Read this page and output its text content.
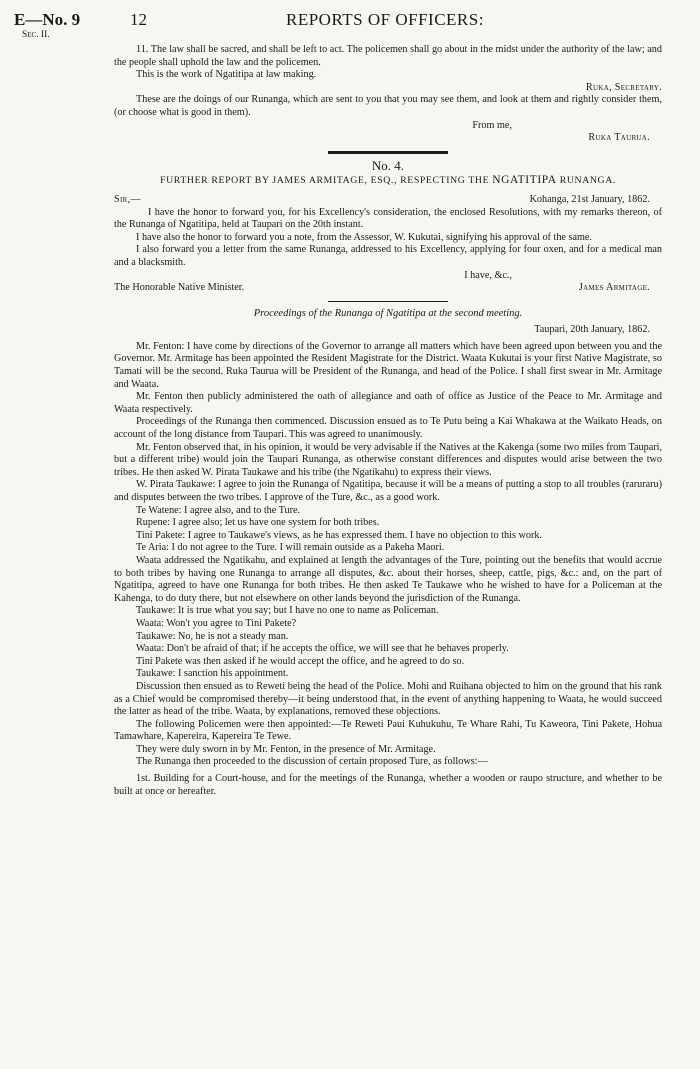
E—No. 9
Sec. II.
12	REPORTS OF OFFICERS:

11. The law shall be sacred, and shall be left to act. The policemen shall go about in the midst under the authority of the law; and the people shall uphold the law and the policemen.

This is the work of Ngatitipa at law making.

Ruka, Secretary.

These are the doings of our Runanga, which are sent to you that you may see them, and look at them and rightly consider them, (or choose what is good in them).

From me,
Ruka Taurua.
No. 4.
FURTHER REPORT BY JAMES ARMITAGE, ESQ., RESPECTING THE NGATITIPA RUNANGA.
Sir,—	Kohanga, 21st January, 1862.

I have the honor to forward you, for his Excellency's consideration, the enclosed Resolutions, with my remarks thereon, of the Runanga of Ngatitipa, held at Taupari on the 20th instant.

I have also the honor to forward you a note, from the Assessor, W. Kukutai, signifying his approval of the same.

I also forward you a letter from the same Runanga, addressed to his Excellency, applying for four oxen, and for a medical man and a blacksmith.

I have, &c.,
The Honorable Native Minister.	James Armitage.
Proceedings of the Runanga of Ngatitipa at the second meeting.
Taupari, 20th January, 1862.

Mr. Fenton: I have come by directions of the Governor to arrange all matters which have been agreed upon between you and the Governor. Mr. Armitage has been appointed the Resident Magistrate for the District. Waata Kukutai is your first Native Magistrate, so Tamati will be the second. Ruka Taurua will be President of the Runanga, and head of the Police. I shall first swear in Mr. Armitage and Waata.

Mr. Fenton then publicly administered the oath of allegiance and oath of office as Justice of the Peace to Mr. Armitage and Waata respectively.

Proceedings of the Runanga then commenced. Discussion ensued as to Te Putu being a Kai Whakawa at the Waikato Heads, on account of the long distance from Taupari. This was agreed to unanimously.

Mr. Fenton observed that, in his opinion, it would be very advisable if the Natives at the Kakenga (some two miles from Taupari, but a different tribe) would join the Taupari Runanga, as otherwise constant differences and disputes would arise between the two tribes. He then asked W. Pirata Taukawe and his tribe (the Ngatikahu) to express their views.

W. Pirata Taukawe: I agree to join the Runanga of Ngatitipa, because it will be a means of putting a stop to all troubles (raruraru) and disputes between the two tribes. I approve of the Ture, &c., as a good work.

Te Watene: I agree also, and to the Ture.

Rupene: I agree also; let us have one system for both tribes.

Tini Pakete: I agree to Taukawe's views, as he has expressed them. I have no objection to this work.

Te Aria: I do not agree to the Ture. I will remain outside as a Pakeha Maori.

Waata addressed the Ngatikahu, and explained at length the advantages of the Ture, pointing out the benefits that would accrue to both tribes by having one Runanga to arrange all disputes, &c. about their horses, sheep, cattle, pigs, &c.: and, on the part of Ngatitipa, agreed to have one Runanga for both tribes. He then asked Te Taukawe who he wished to have for a Policeman at the Kahenga, to do duty there, but not elsewhere on other lands beyond the jurisdiction of the Runanga.

Taukawe: It is true what you say; but I have no one to name as Policeman.

Waata: Won't you agree to Tini Pakete?

Taukawe: No, he is not a steady man.

Waata: Don't be afraid of that; if he accepts the office, we will see that he behaves properly.

Tini Pakete was then asked if he would accept the office, and he agreed to do so.

Taukawe: I sanction his appointment.

Discussion then ensued as to Reweti being the head of the Police. Mohi and Ruihana objected to him on the ground that his rank as a Chief would be compromised thereby—it being understood that, in the event of anything happening to Waata, he would succeed the latter as head of the tribe. Waata, by explanations, removed these objections.

The following Policemen were then appointed:—Te Reweti Paui Kuhukuhu, Te Whare Rahi, Tu Kaweora, Tini Pakete, Hohua Tamawhare, Kapereira, Kapereira Te Tewe.

They were duly sworn in by Mr. Fenton, in the presence of Mr. Armitage.

The Runanga then proceeded to the discussion of certain proposed Ture, as follows:—

1st. Building for a Court-house, and for the meetings of the Runanga, whether a wooden or raupo structure, and whether to be built at once or hereafter.
